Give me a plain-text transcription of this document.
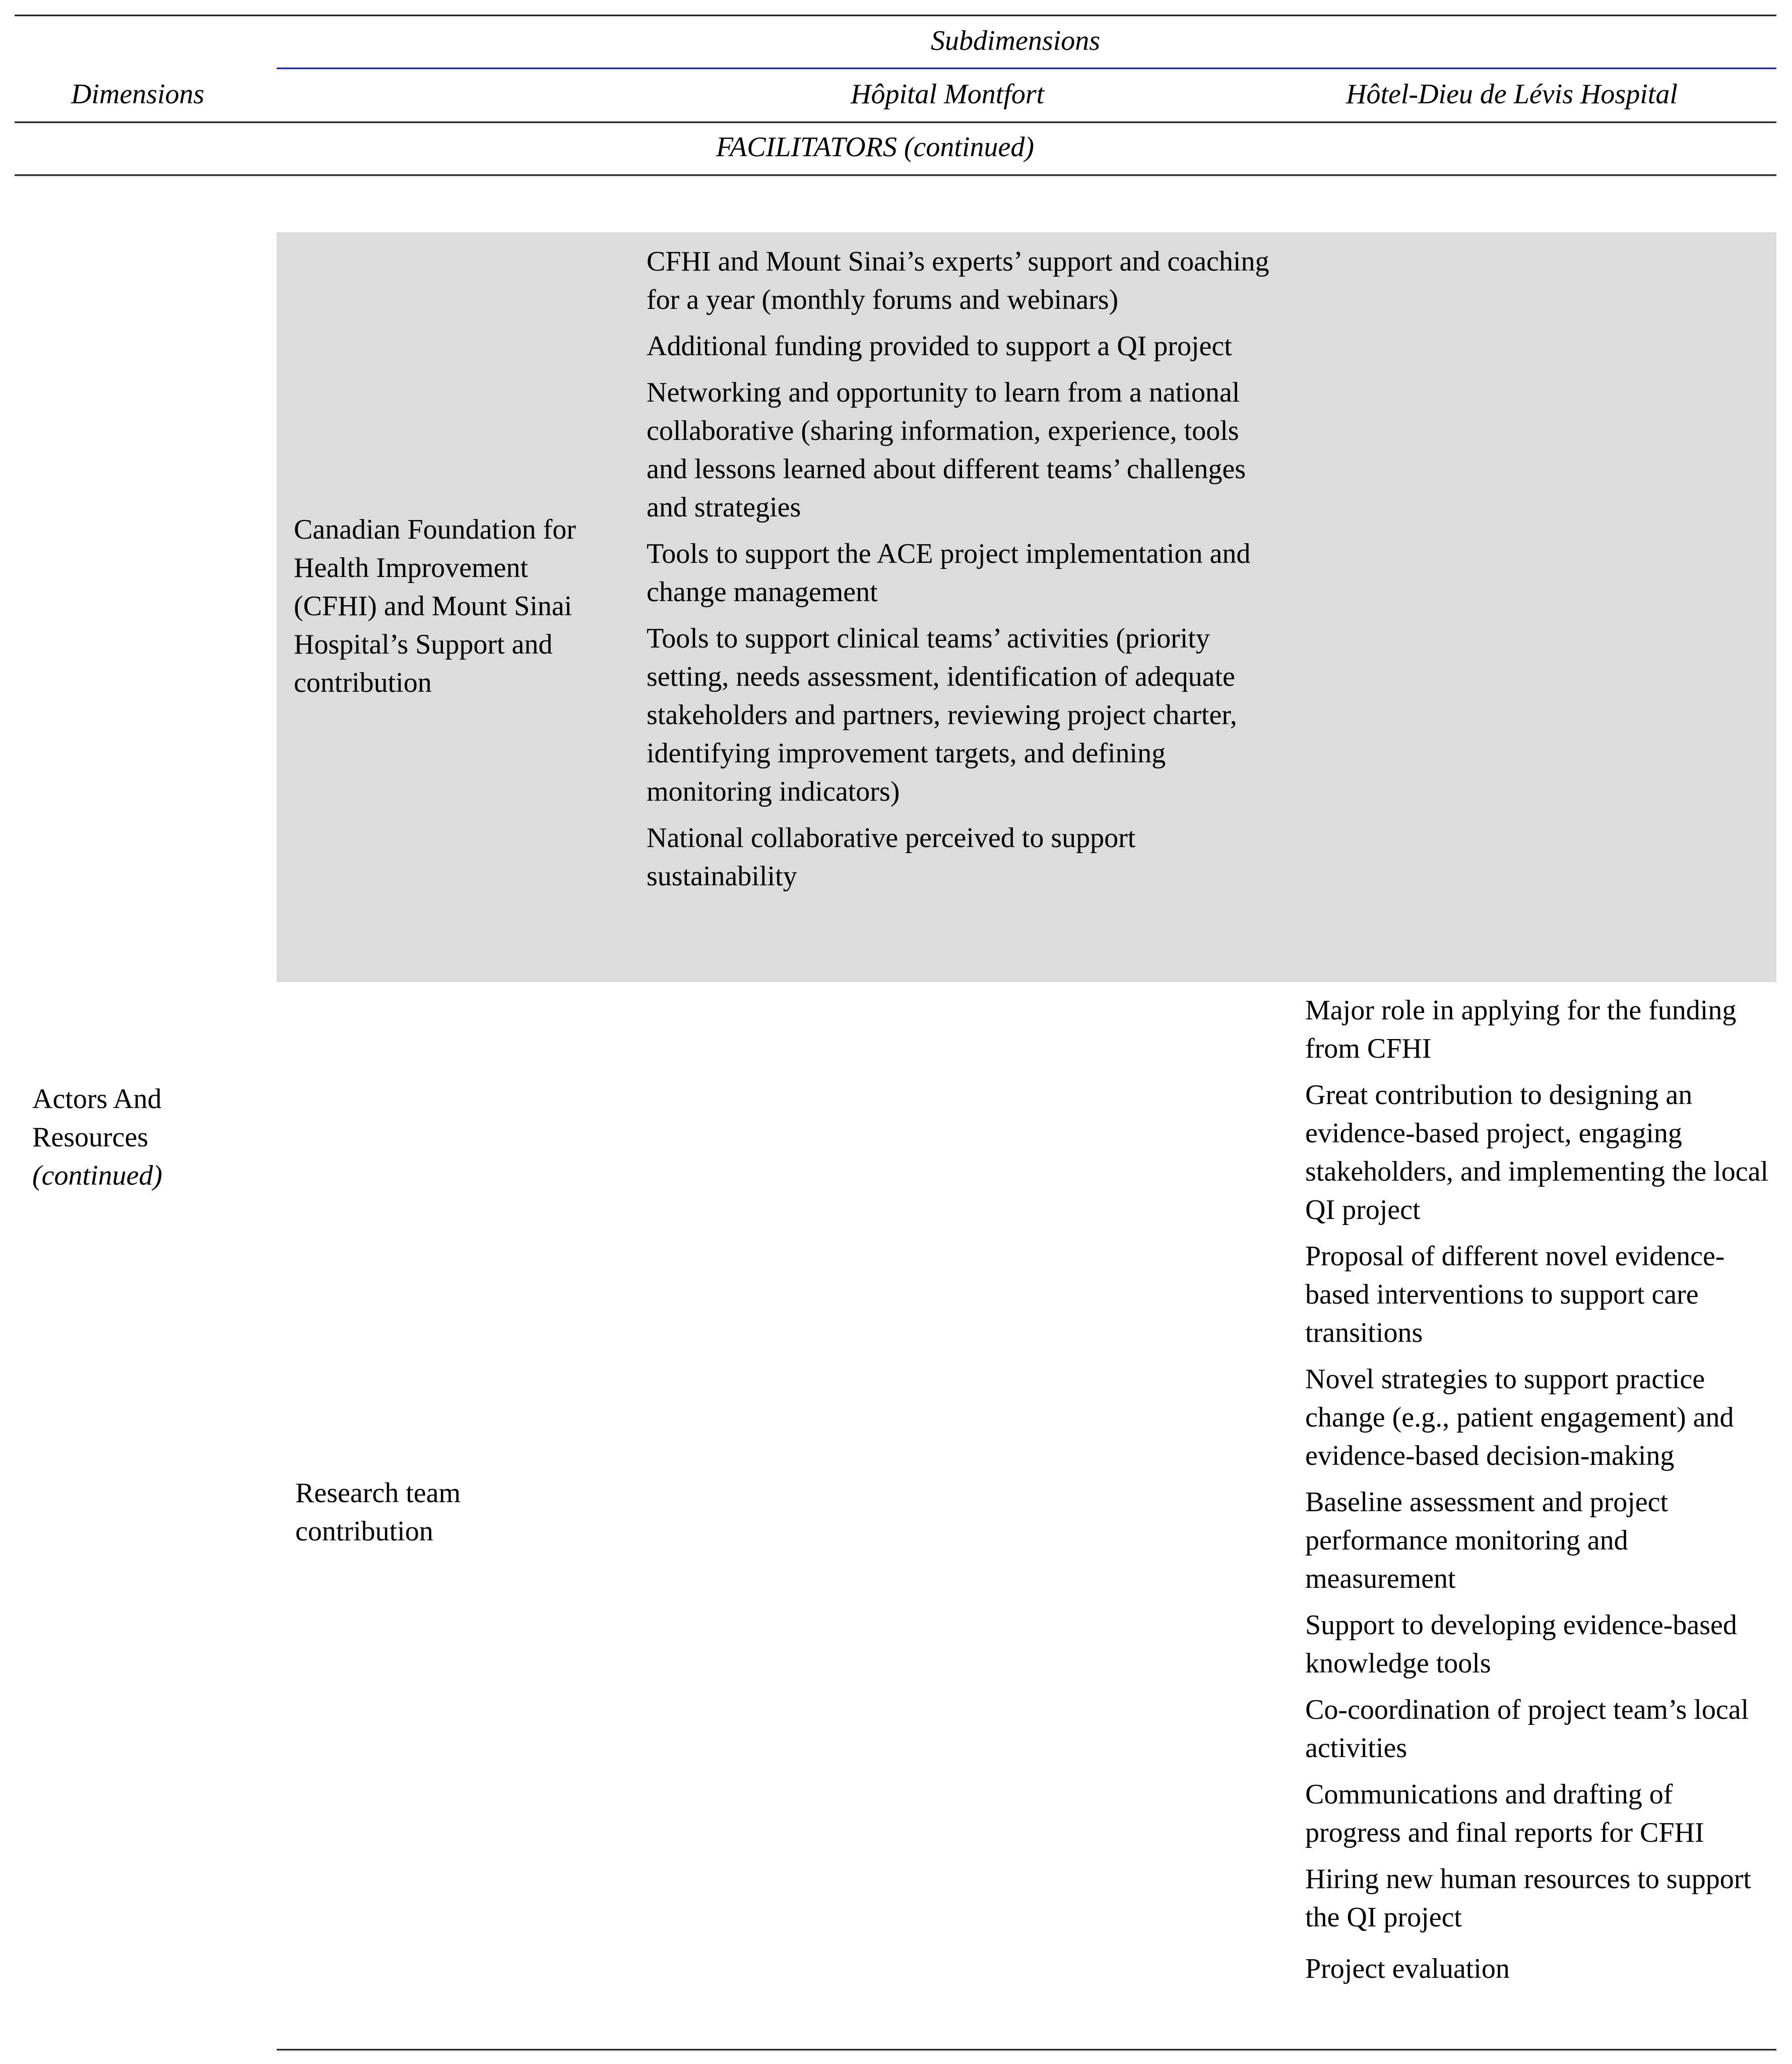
Subdimensions
Dimensions	Hôpital Montfort	Hôtel-Dieu de Lévis Hospital
FACILITATORS (continued)
Canadian Foundation for Health Improvement (CFHI) and Mount Sinai Hospital’s Support and contribution
CFHI and Mount Sinai’s experts’ support and coaching for a year (monthly forums and webinars)
Additional funding provided to support a QI project
Networking and opportunity to learn from a national collaborative (sharing information, experience, tools and lessons learned about different teams’ challenges and strategies
Tools to support the ACE project implementation and change management
Tools to support clinical teams’ activities (priority setting, needs assessment, identification of adequate stakeholders and partners, reviewing project charter, identifying improvement targets, and defining monitoring indicators)
National collaborative perceived to support sustainability
Actors And
Resources
(continued)
Research team contribution
Major role in applying for the funding from CFHI
Great contribution to designing an evidence-based project, engaging stakeholders, and implementing the local QI project
Proposal of different novel evidence-based interventions to support care transitions
Novel strategies to support practice change (e.g., patient engagement) and evidence-based decision-making
Baseline assessment and project performance monitoring and measurement
Support to developing evidence-based knowledge tools
Co-coordination of project team’s local activities
Communications and drafting of progress and final reports for CFHI
Hiring new human resources to support the QI project
Project evaluation
